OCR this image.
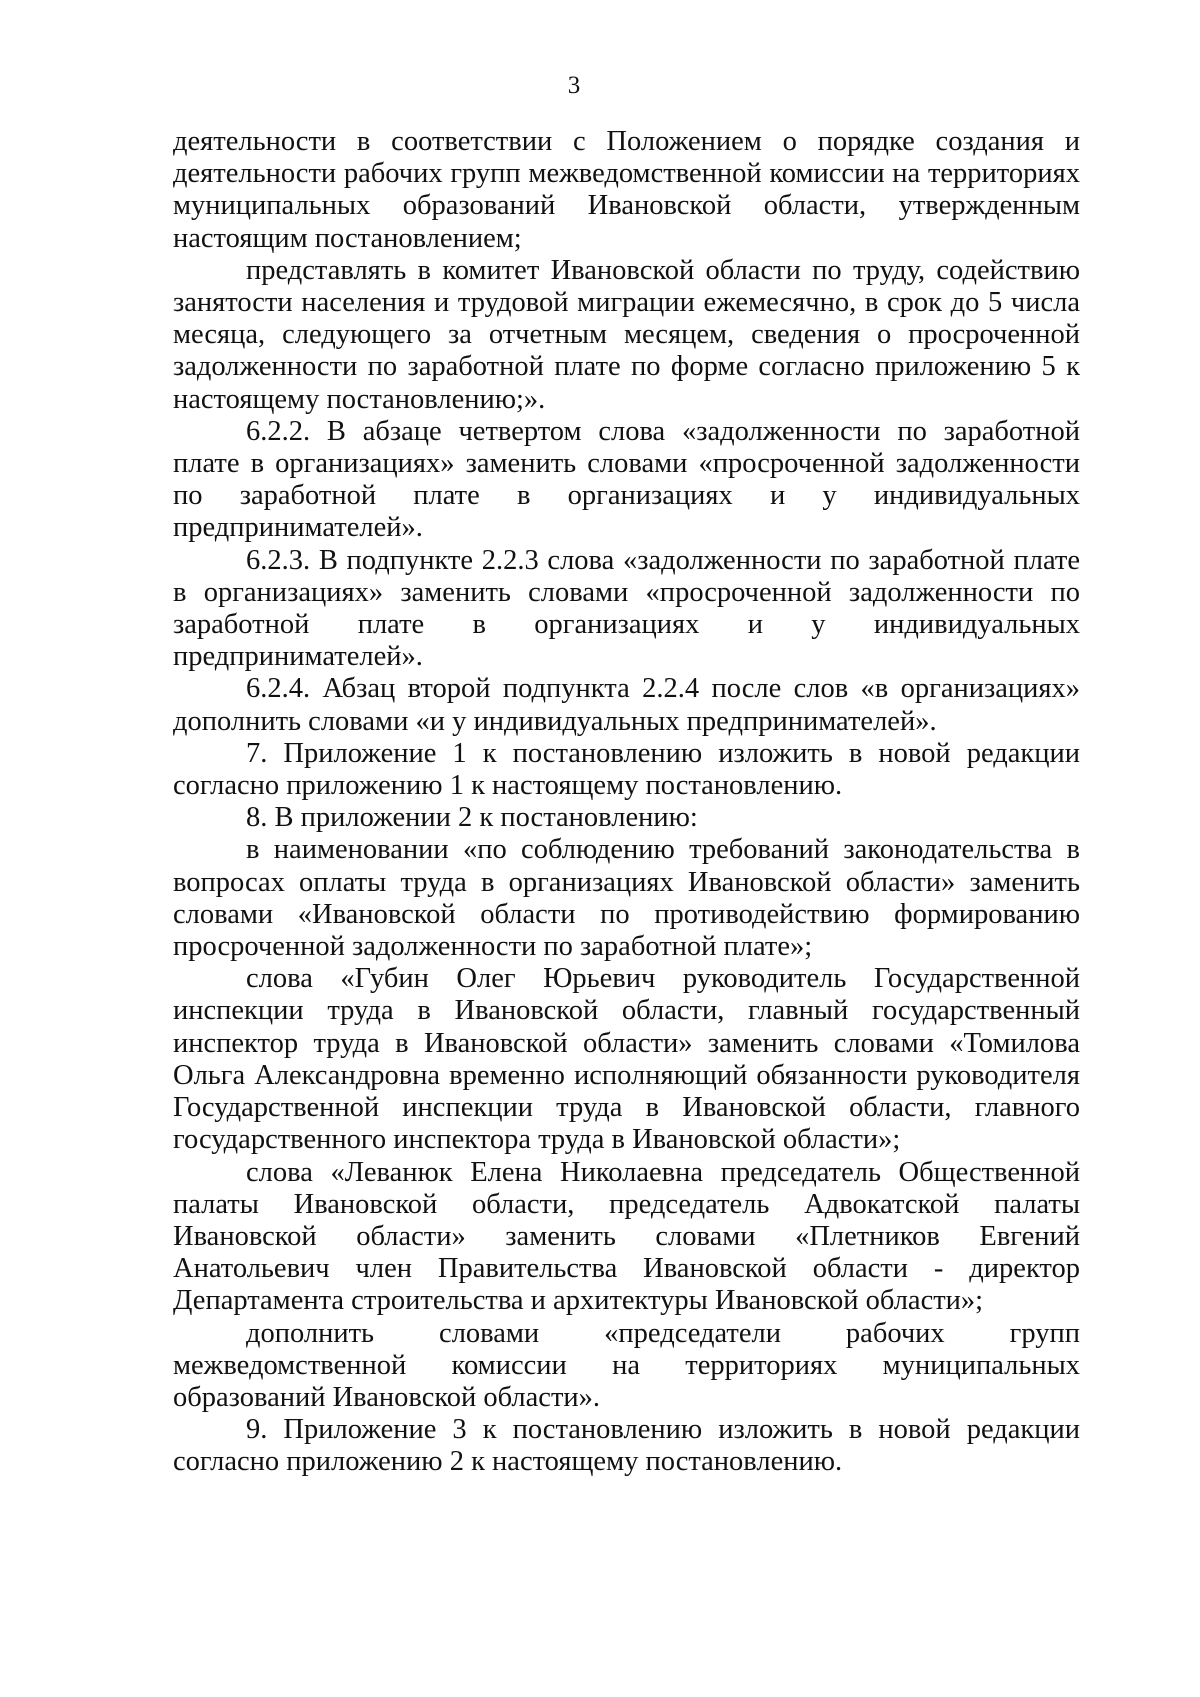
3

деятельности в соответствии с Положением о порядке создания и деятельности рабочих групп межведомственной комиссии на территориях муниципальных образований Ивановской области, утвержденным настоящим постановлением;

представлять в комитет Ивановской области по труду, содействию занятости населения и трудовой миграции ежемесячно, в срок до 5 числа месяца, следующего за отчетным месяцем, сведения о просроченной задолженности по заработной плате по форме согласно приложению 5 к настоящему постановлению;».

6.2.2. В абзаце четвертом слова «задолженности по заработной плате в организациях» заменить словами «просроченной задолженности по заработной плате в организациях и у индивидуальных предпринимателей».

6.2.3. В подпункте 2.2.3 слова «задолженности по заработной плате в организациях» заменить словами «просроченной задолженности по заработной плате в организациях и у индивидуальных предпринимателей».

6.2.4. Абзац второй подпункта 2.2.4 после слов «в организациях» дополнить словами «и у индивидуальных предпринимателей».

7. Приложение 1 к постановлению изложить в новой редакции согласно приложению 1 к настоящему постановлению.

8. В приложении 2 к постановлению:

в наименовании «по соблюдению требований законодательства в вопросах оплаты труда в организациях Ивановской области» заменить словами «Ивановской области по противодействию формированию просроченной задолженности по заработной плате»;

слова «Губин Олег Юрьевич руководитель Государственной инспекции труда в Ивановской области, главный государственный инспектор труда в Ивановской области» заменить словами «Томилова Ольга Александровна временно исполняющий обязанности руководителя Государственной инспекции труда в Ивановской области, главного государственного инспектора труда в Ивановской области»;

слова «Леванюк Елена Николаевна председатель Общественной палаты Ивановской области, председатель Адвокатской палаты Ивановской области» заменить словами «Плетников Евгений Анатольевич член Правительства Ивановской области - директор Департамента строительства и архитектуры Ивановской области»;

дополнить словами «председатели рабочих групп межведомственной комиссии на территориях муниципальных образований Ивановской области».

9. Приложение 3 к постановлению изложить в новой редакции согласно приложению 2 к настоящему постановлению.
